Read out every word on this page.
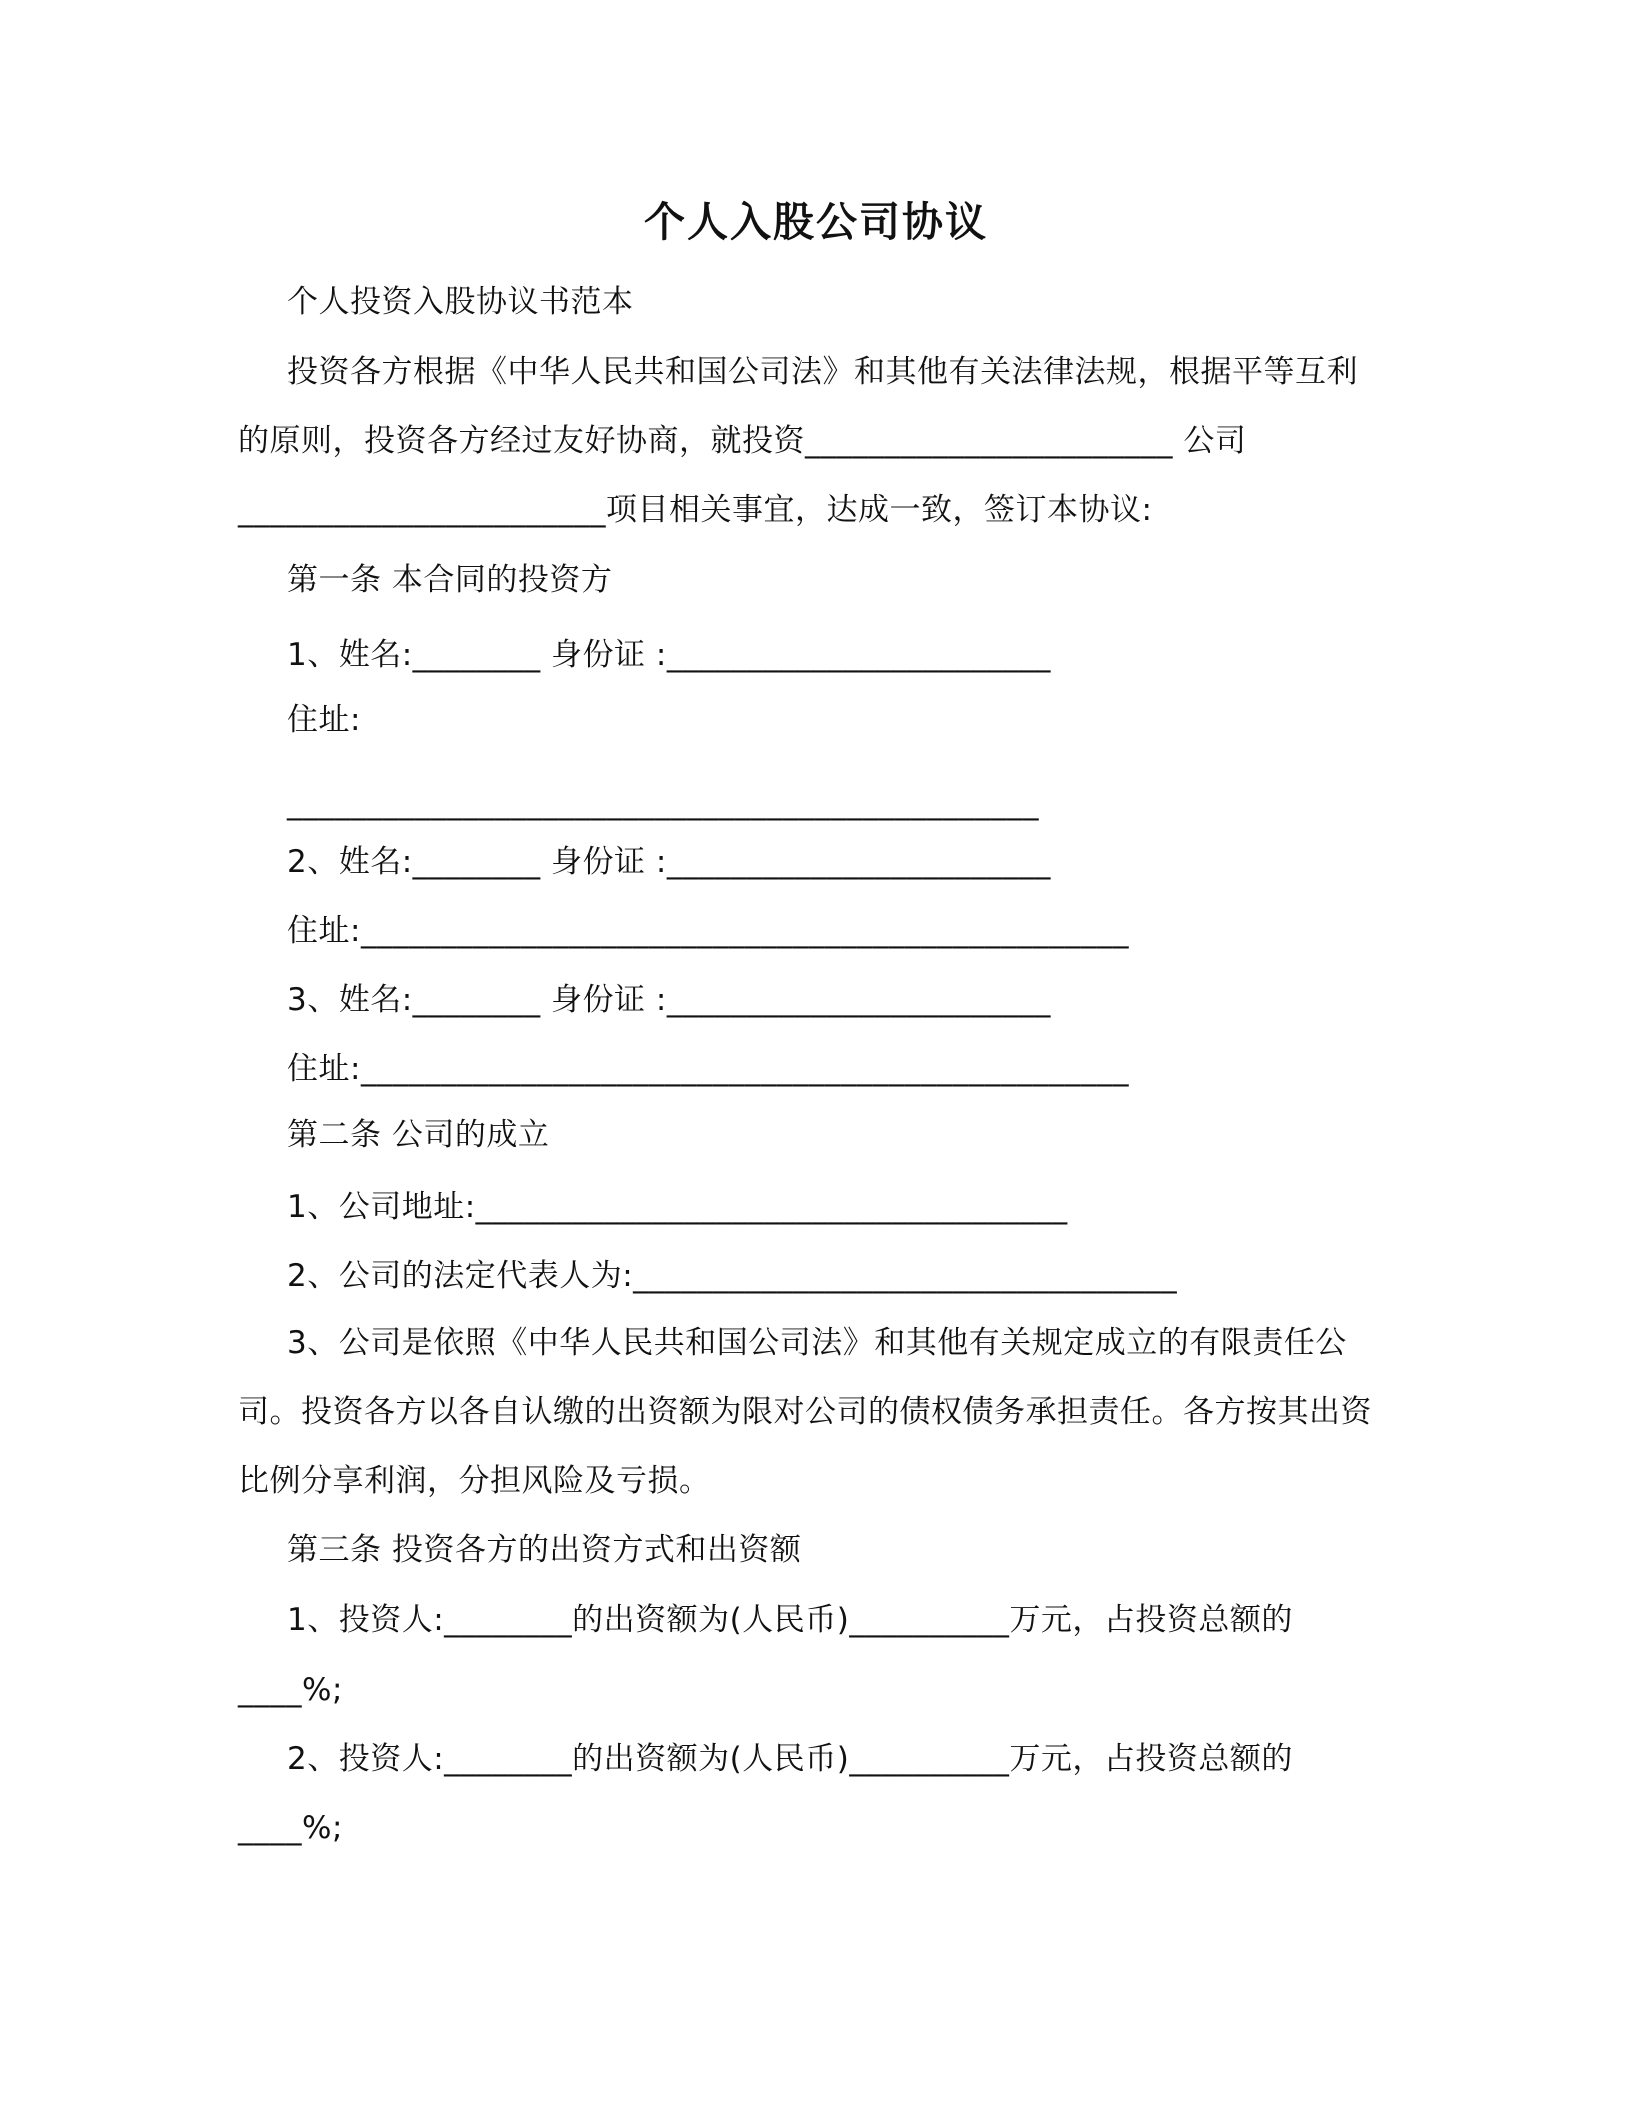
个人入股公司协议
个人投资入股协议书范本
投资各方根据《中华人民共和国公司法》和其他有关法律法规，根据平等互利
的原则，投资各方经过友好协商，就投资_______________________ 公司
_______________________项目相关事宜，达成一致，签订本协议:
第一条 本合同的投资方
1、姓名:________ 身份证 :________________________
住址:
_______________________________________________
2、姓名:________ 身份证 :________________________
住址:________________________________________________
3、姓名:________ 身份证 :________________________
住址:________________________________________________
第二条 公司的成立
1、公司地址:_____________________________________
2、公司的法定代表人为:__________________________________
3、公司是依照《中华人民共和国公司法》和其他有关规定成立的有限责任公
司。投资各方以各自认缴的出资额为限对公司的债权债务承担责任。各方按其出资
比例分享利润，分担风险及亏损。
第三条 投资各方的出资方式和出资额
1、投资人:________的出资额为(人民币)__________万元，占投资总额的
____%;
2、投资人:________的出资额为(人民币)__________万元，占投资总额的
____%;
